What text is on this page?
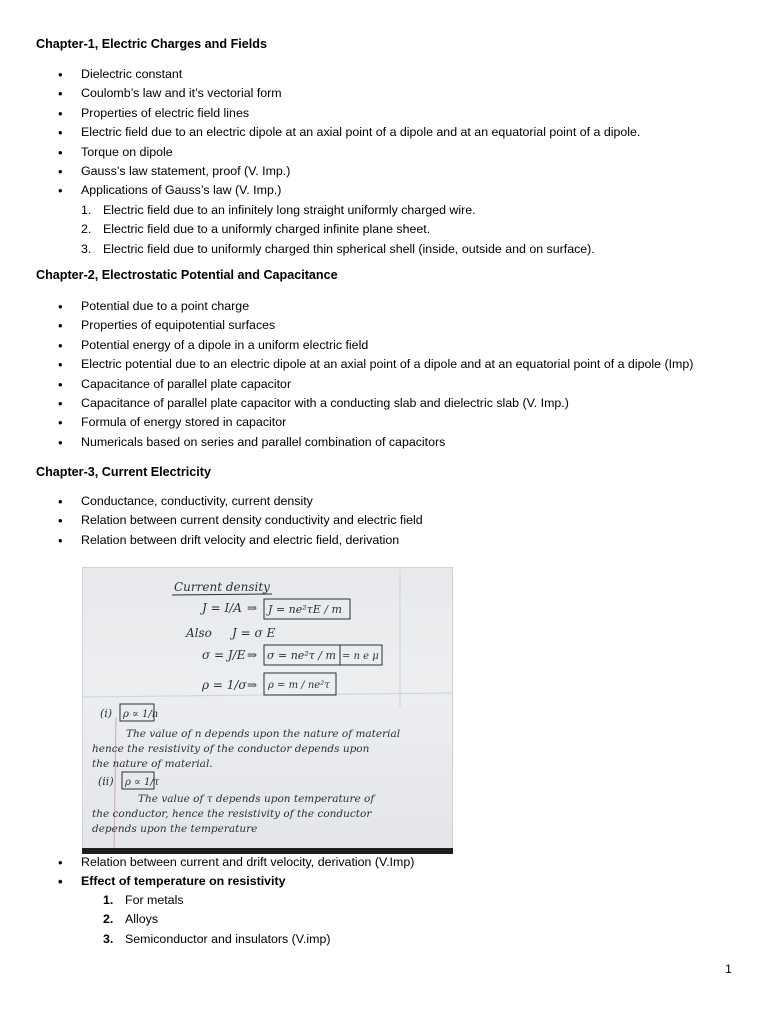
Chapter-1, Electric Charges and Fields
• Dielectric constant
• Coulomb’s law and it’s vectorial form
• Properties of electric field lines
• Electric field due to an electric dipole at an axial point of a dipole and at an equatorial point of a dipole.
• Torque on dipole
• Gauss’s law statement, proof (V. Imp.)
• Applications of Gauss’s law (V. Imp.)
1. Electric field due to an infinitely long straight uniformly charged wire.
2. Electric field due to a uniformly charged infinite plane sheet.
3. Electric field due to uniformly charged thin spherical shell (inside, outside and on surface).
Chapter-2, Electrostatic Potential and Capacitance
• Potential due to a point charge
• Properties of equipotential surfaces
• Potential energy of a dipole in a uniform electric field
• Electric potential due to an electric dipole at an axial point of a dipole and at an equatorial point of a dipole (Imp)
• Capacitance of parallel plate capacitor
• Capacitance of parallel plate capacitor with a conducting slab and dielectric slab (V. Imp.)
• Formula of energy stored in capacitor
• Numericals based on series and parallel combination of capacitors
Chapter-3, Current Electricity
• Conductance, conductivity, current density
• Relation between current density conductivity and electric field
• Relation between drift velocity and electric field, derivation
Current density
J = I/A ⇒ J = ne²τE / m
Also J = σ E
σ = J/E ⇒ σ = ne²τ / m = n e μ
ρ = 1/σ ⇒ ρ = m / ne²τ
(i) ρ ∝ 1/n
The value of n depends upon the nature of material
hence the resistivity of the conductor depends upon
the nature of material.
(ii) ρ ∝ 1/τ
The value of τ depends upon temperature of
the conductor, hence the resistivity of the conductor
depends upon the temperature
• Relation between current and drift velocity, derivation (V.Imp)
• Effect of temperature on resistivity
1. For metals
2. Alloys
3. Semiconductor and insulators (V.imp)
1
